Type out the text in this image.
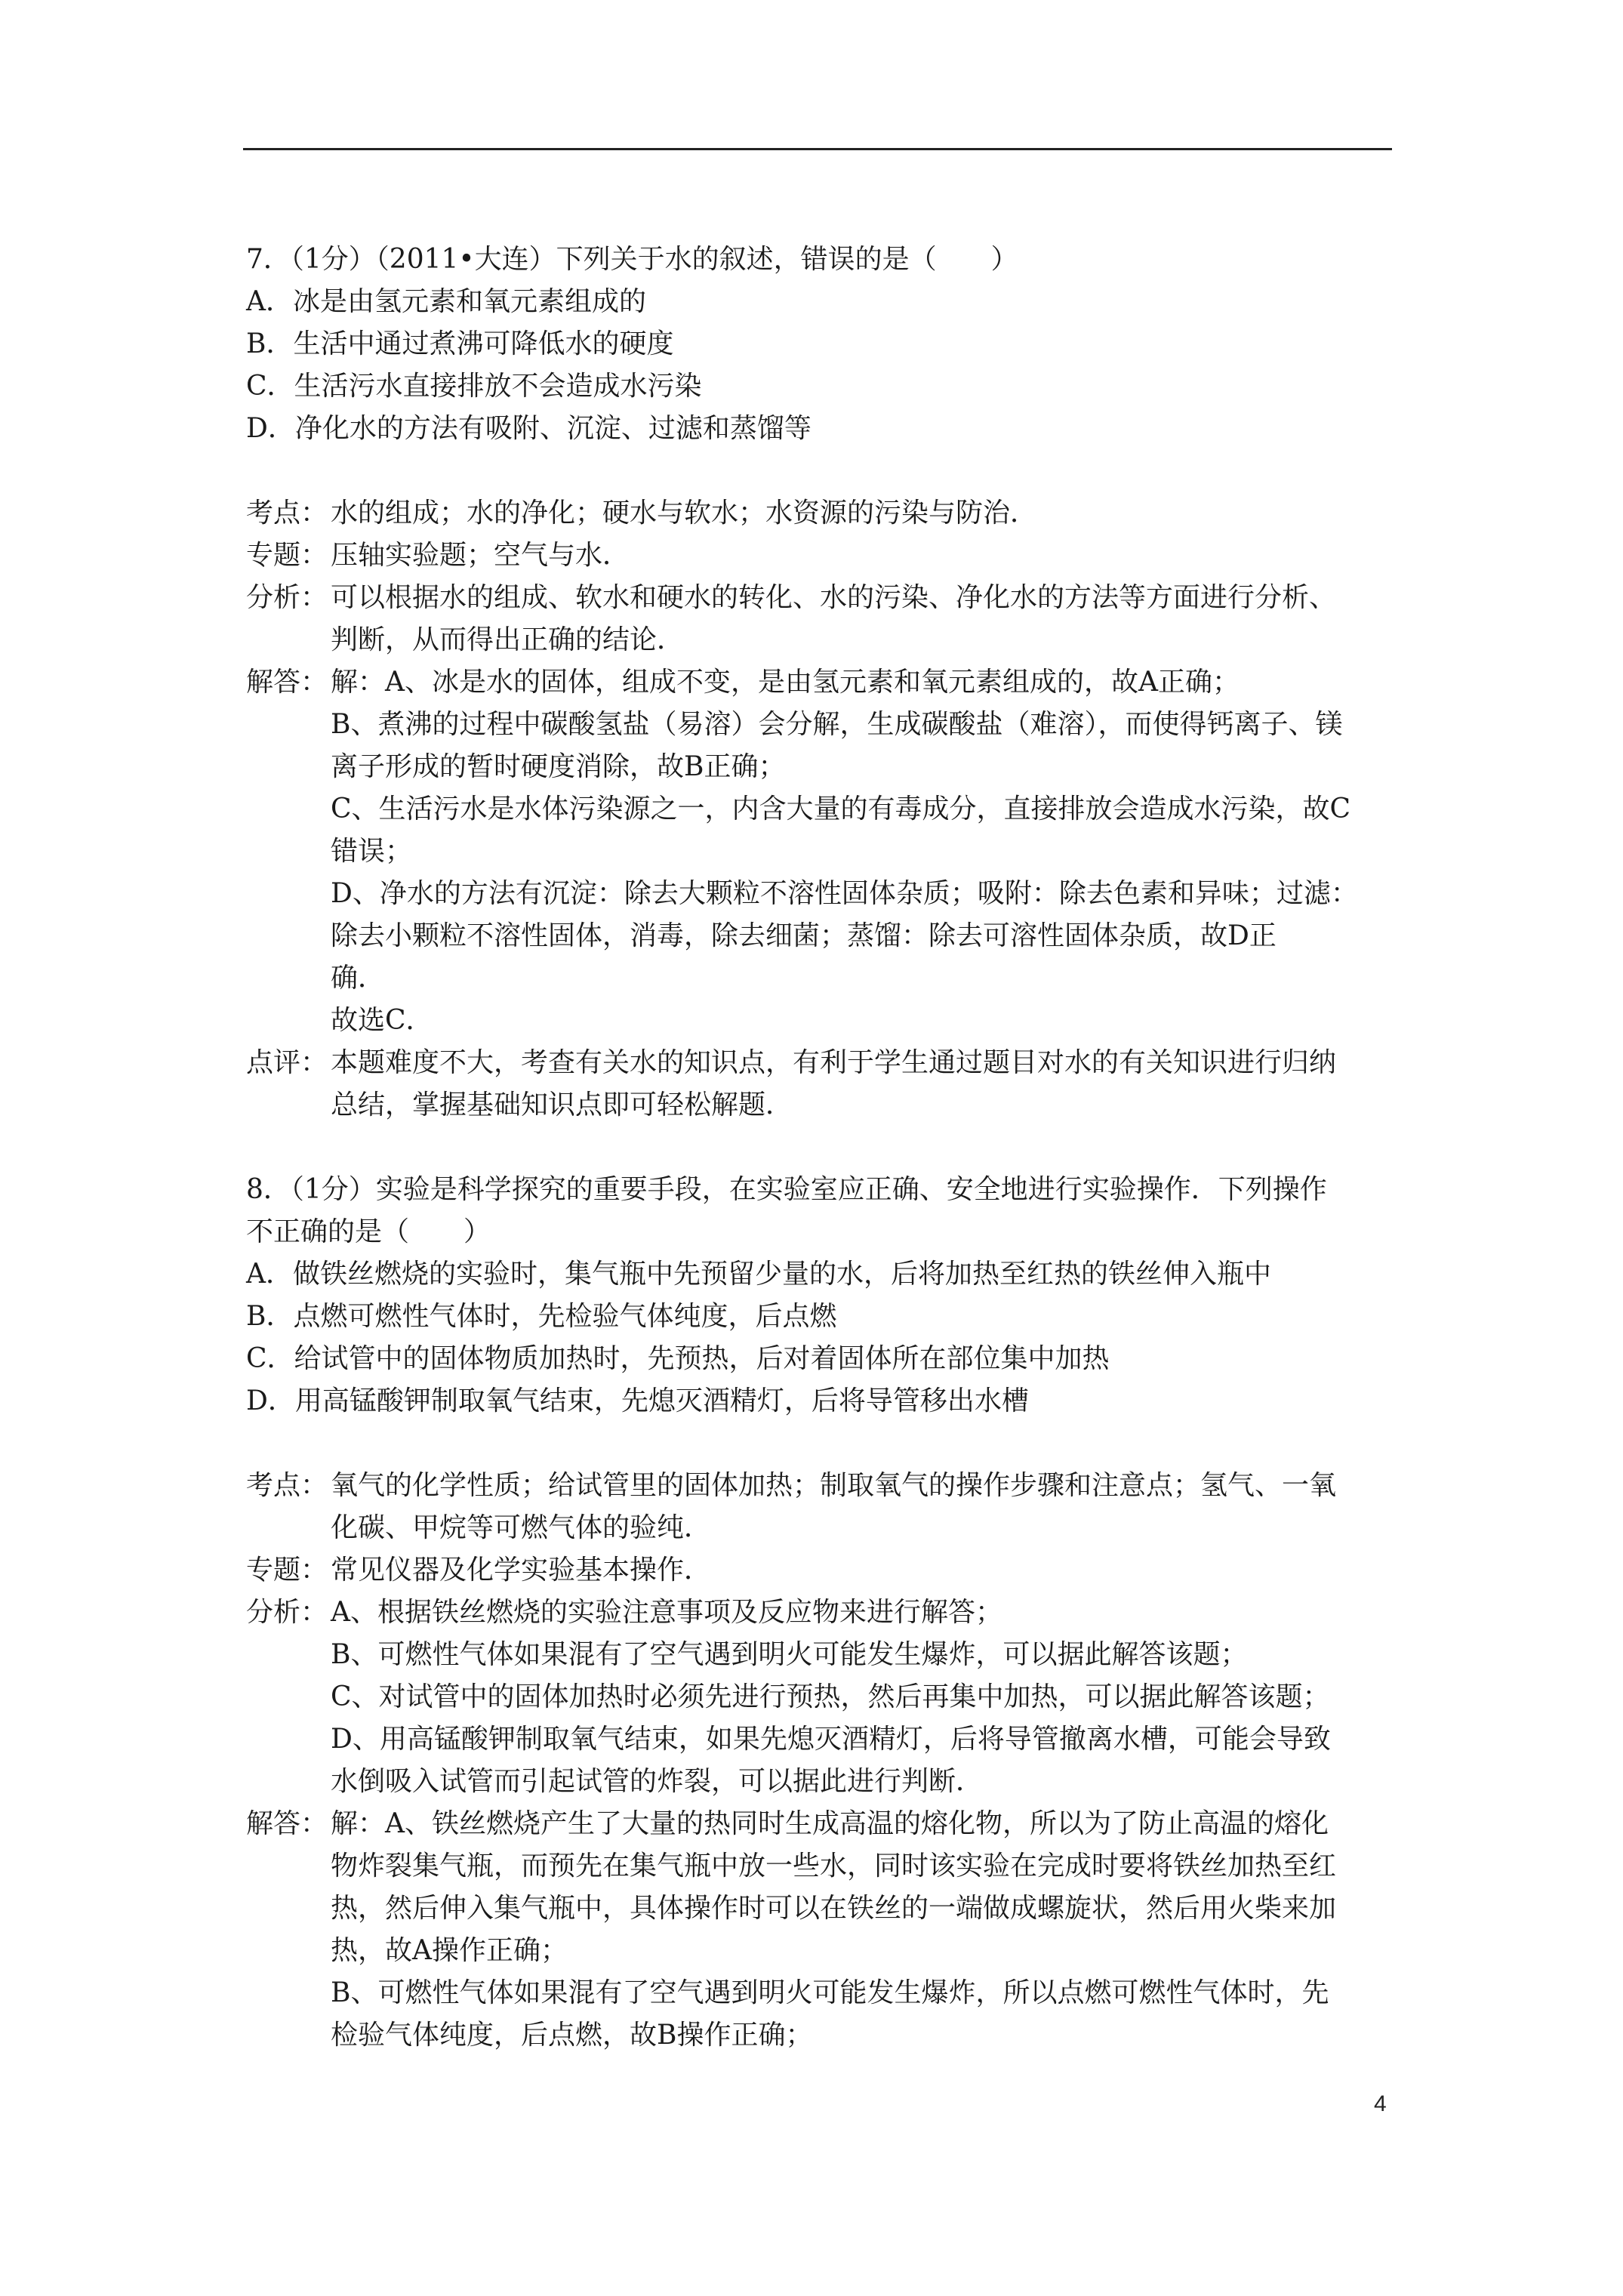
7．（1分）（2011•大连）下列关于水的叙述，错误的是（　　）
A．冰是由氢元素和氧元素组成的
B．生活中通过煮沸可降低水的硬度
C．生活污水直接排放不会造成水污染
D．净化水的方法有吸附、沉淀、过滤和蒸馏等
考点： 水的组成；水的净化；硬水与软水；水资源的污染与防治．
专题： 压轴实验题；空气与水．
分析： 可以根据水的组成、软水和硬水的转化、水的污染、净化水的方法等方面进行分析、
判断，从而得出正确的结论．
解答： 解：A、冰是水的固体，组成不变，是由氢元素和氧元素组成的，故A正确；
B、煮沸的过程中碳酸氢盐（易溶）会分解，生成碳酸盐（难溶），而使得钙离子、镁
离子形成的暂时硬度消除，故B正确；
C、生活污水是水体污染源之一，内含大量的有毒成分，直接排放会造成水污染，故C
错误；
D、净水的方法有沉淀：除去大颗粒不溶性固体杂质；吸附：除去色素和异味；过滤：
除去小颗粒不溶性固体，消毒，除去细菌；蒸馏：除去可溶性固体杂质，故D正
确．
故选C．
点评： 本题难度不大，考查有关水的知识点，有利于学生通过题目对水的有关知识进行归纳
总结，掌握基础知识点即可轻松解题．
8．（1分）实验是科学探究的重要手段，在实验室应正确、安全地进行实验操作．下列操作
不正确的是（　　）
A．做铁丝燃烧的实验时，集气瓶中先预留少量的水，后将加热至红热的铁丝伸入瓶中
B．点燃可燃性气体时，先检验气体纯度，后点燃
C．给试管中的固体物质加热时，先预热，后对着固体所在部位集中加热
D．用高锰酸钾制取氧气结束，先熄灭酒精灯，后将导管移出水槽
考点： 氧气的化学性质；给试管里的固体加热；制取氧气的操作步骤和注意点；氢气、一氧
化碳、甲烷等可燃气体的验纯．
专题： 常见仪器及化学实验基本操作．
分析： A、根据铁丝燃烧的实验注意事项及反应物来进行解答；
B、可燃性气体如果混有了空气遇到明火可能发生爆炸，可以据此解答该题；
C、对试管中的固体加热时必须先进行预热，然后再集中加热，可以据此解答该题；
D、用高锰酸钾制取氧气结束，如果先熄灭酒精灯，后将导管撤离水槽，可能会导致
水倒吸入试管而引起试管的炸裂，可以据此进行判断．
解答： 解：A、铁丝燃烧产生了大量的热同时生成高温的熔化物，所以为了防止高温的熔化
物炸裂集气瓶，而预先在集气瓶中放一些水，同时该实验在完成时要将铁丝加热至红
热，然后伸入集气瓶中，具体操作时可以在铁丝的一端做成螺旋状，然后用火柴来加
热，故A操作正确；
B、可燃性气体如果混有了空气遇到明火可能发生爆炸，所以点燃可燃性气体时，先
检验气体纯度，后点燃，故B操作正确；
4
